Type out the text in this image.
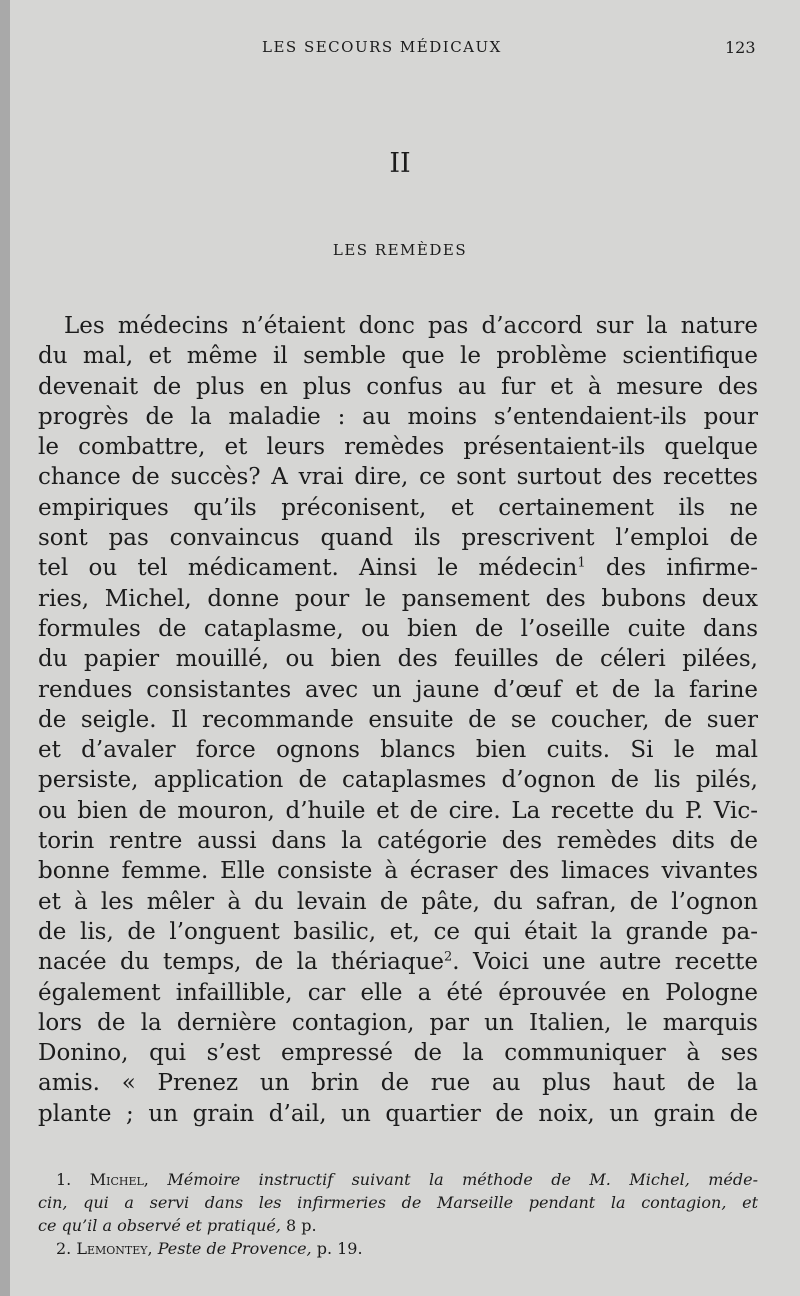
LES SECOURS MÉDICAUX	123
II
LES REMÈDES
Les médecins n’étaient donc pas d’accord sur la nature
du mal, et même il semble que le problème scientifique
devenait de plus en plus confus au fur et à mesure des
progrès de la maladie : au moins s’entendaient-ils pour
le combattre, et leurs remèdes présentaient-ils quelque
chance de succès? A vrai dire, ce sont surtout des recettes
empiriques qu’ils préconisent, et certainement ils ne
sont pas convaincus quand ils prescrivent l’emploi de
tel ou tel médicament. Ainsi le médecin$^1$ des infirme-
ries, Michel, donne pour le pansement des bubons deux
formules de cataplasme, ou bien de l’oseille cuite dans
du papier mouillé, ou bien des feuilles de céleri pilées,
rendues consistantes avec un jaune d’œuf et de la farine
de seigle. Il recommande ensuite de se coucher, de suer
et d’avaler force ognons blancs bien cuits. Si le mal
persiste, application de cataplasmes d’ognon de lis pilés,
ou bien de mouron, d’huile et de cire. La recette du P. Vic-
torin rentre aussi dans la catégorie des remèdes dits de
bonne femme. Elle consiste à écraser des limaces vivantes
et à les mêler à du levain de pâte, du safran, de l’ognon
de lis, de l’onguent basilic, et, ce qui était la grande pa-
nacée du temps, de la thériaque$^2$. Voici une autre recette
également infaillible, car elle a été éprouvée en Pologne
lors de la dernière contagion, par un Italien, le marquis
Donino, qui s’est empressé de la communiquer à ses
amis. « Prenez un brin de rue au plus haut de la
plante ; un grain d’ail, un quartier de noix, un grain de
1. Michel, Mémoire instructif suivant la méthode de M. Michel, méde-
cin, qui a servi dans les infirmeries de Marseille pendant la contagion, et
ce qu’il a observé et pratiqué, 8 p.
2. Lemontey, Peste de Provence, p. 19.
